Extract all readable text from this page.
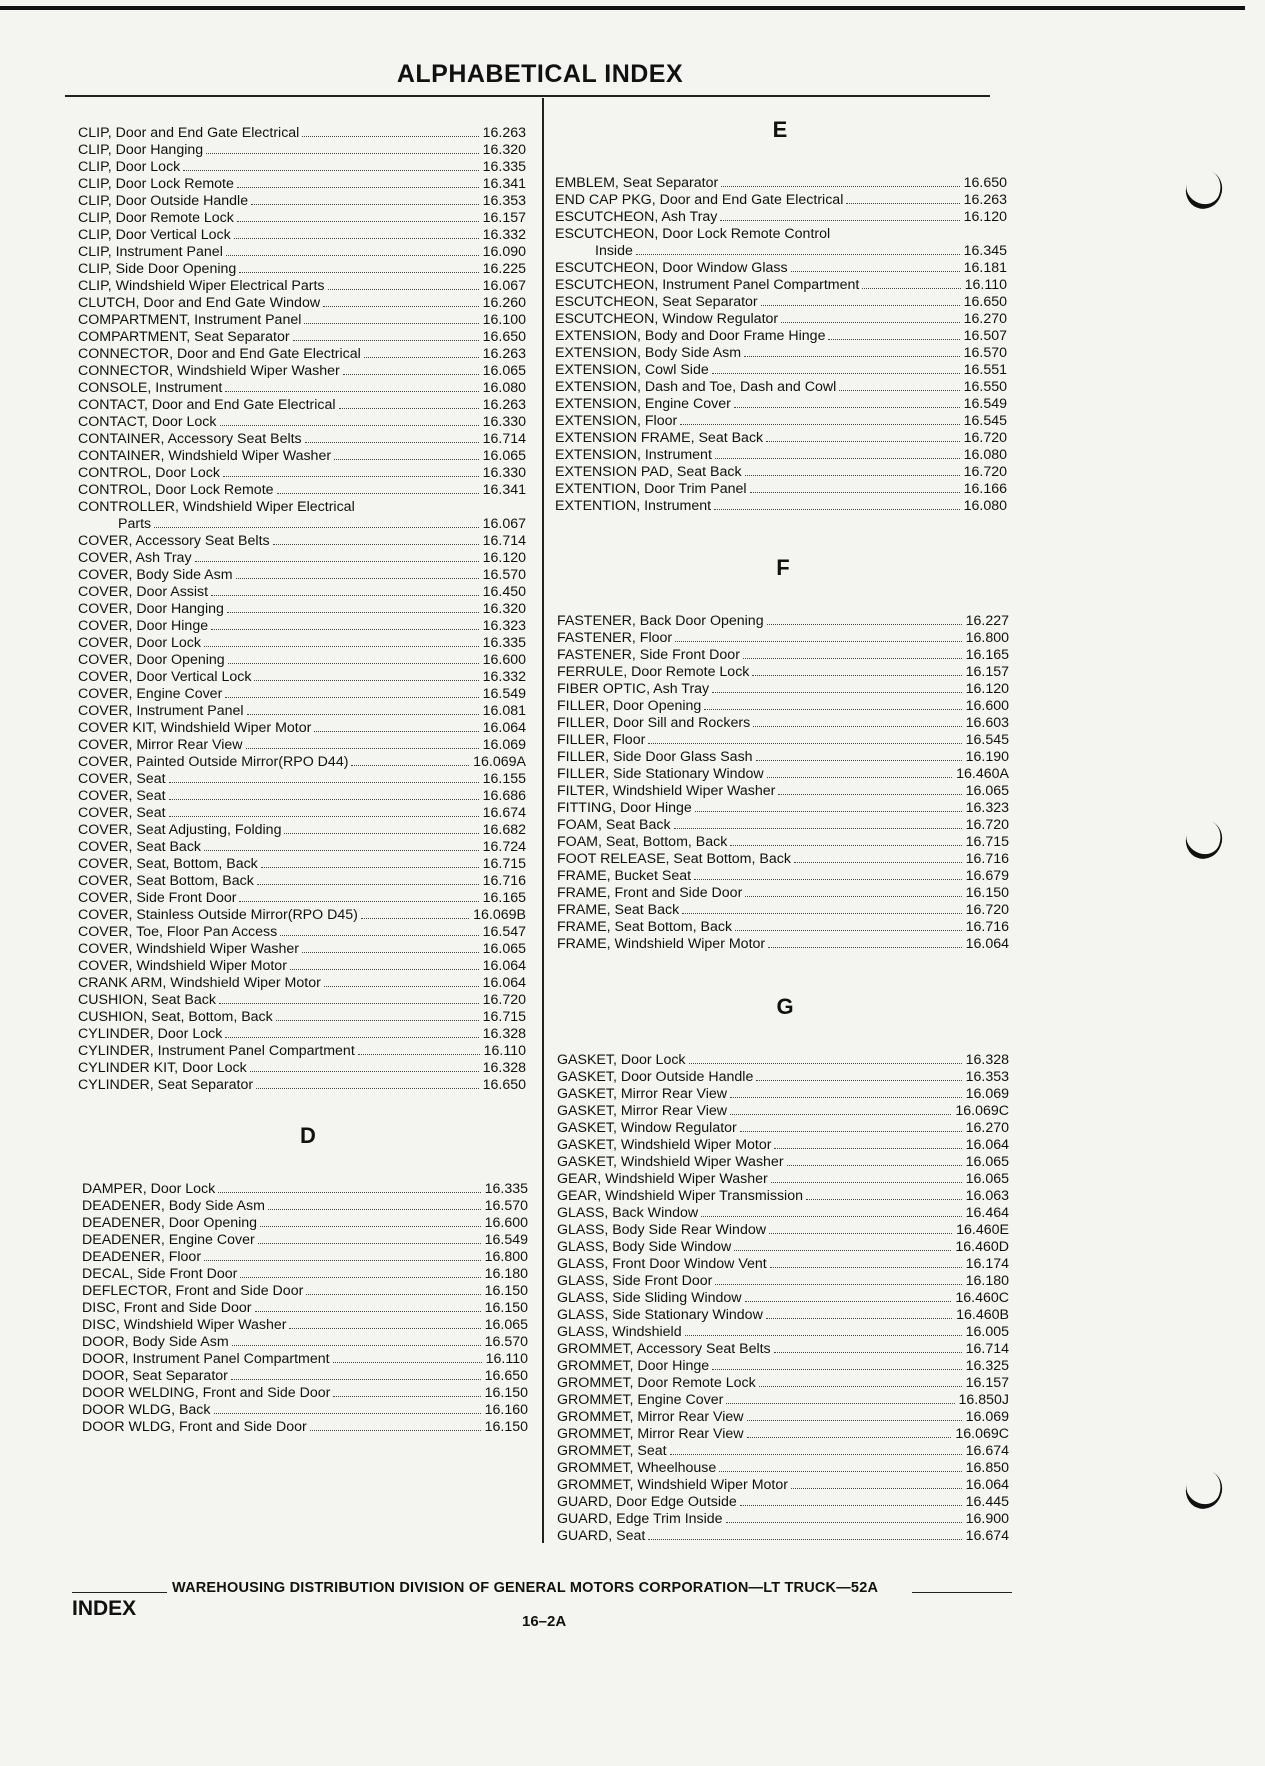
ALPHABETICAL INDEX
CLIP, Door and End Gate Electrical	16.263
CLIP, Door Hanging	16.320
CLIP, Door Lock	16.335
CLIP, Door Lock Remote	16.341
CLIP, Door Outside Handle	16.353
CLIP, Door Remote Lock	16.157
CLIP, Door Vertical Lock	16.332
CLIP, Instrument Panel	16.090
CLIP, Side Door Opening	16.225
CLIP, Windshield Wiper Electrical Parts	16.067
CLUTCH, Door and End Gate Window	16.260
COMPARTMENT, Instrument Panel	16.100
COMPARTMENT, Seat Separator	16.650
CONNECTOR, Door and End Gate Electrical	16.263
CONNECTOR, Windshield Wiper Washer	16.065
CONSOLE, Instrument	16.080
CONTACT, Door and End Gate Electrical	16.263
CONTACT, Door Lock	16.330
CONTAINER, Accessory Seat Belts	16.714
CONTAINER, Windshield Wiper Washer	16.065
CONTROL, Door Lock	16.330
CONTROL, Door Lock Remote	16.341
CONTROLLER, Windshield Wiper Electrical
Parts	16.067
COVER, Accessory Seat Belts	16.714
COVER, Ash Tray	16.120
COVER, Body Side Asm	16.570
COVER, Door Assist	16.450
COVER, Door Hanging	16.320
COVER, Door Hinge	16.323
COVER, Door Lock	16.335
COVER, Door Opening	16.600
COVER, Door Vertical Lock	16.332
COVER, Engine Cover	16.549
COVER, Instrument Panel	16.081
COVER KIT, Windshield Wiper Motor	16.064
COVER, Mirror Rear View	16.069
COVER, Painted Outside Mirror(RPO D44)	16.069A
COVER, Seat	16.155
COVER, Seat	16.686
COVER, Seat	16.674
COVER, Seat Adjusting, Folding	16.682
COVER, Seat Back	16.724
COVER, Seat, Bottom, Back	16.715
COVER, Seat Bottom, Back	16.716
COVER, Side Front Door	16.165
COVER, Stainless Outside Mirror(RPO D45)	16.069B
COVER, Toe, Floor Pan Access	16.547
COVER, Windshield Wiper Washer	16.065
COVER, Windshield Wiper Motor	16.064
CRANK ARM, Windshield Wiper Motor	16.064
CUSHION, Seat Back	16.720
CUSHION, Seat, Bottom, Back	16.715
CYLINDER, Door Lock	16.328
CYLINDER, Instrument Panel Compartment	16.110
CYLINDER KIT, Door Lock	16.328
CYLINDER, Seat Separator	16.650
D
DAMPER, Door Lock	16.335
DEADENER, Body Side Asm	16.570
DEADENER, Door Opening	16.600
DEADENER, Engine Cover	16.549
DEADENER, Floor	16.800
DECAL, Side Front Door	16.180
DEFLECTOR, Front and Side Door	16.150
DISC, Front and Side Door	16.150
DISC, Windshield Wiper Washer	16.065
DOOR, Body Side Asm	16.570
DOOR, Instrument Panel Compartment	16.110
DOOR, Seat Separator	16.650
DOOR WELDING, Front and Side Door	16.150
DOOR WLDG, Back	16.160
DOOR WLDG, Front and Side Door	16.150
E
EMBLEM, Seat Separator	16.650
END CAP PKG, Door and End Gate Electrical	16.263
ESCUTCHEON, Ash Tray	16.120
ESCUTCHEON, Door Lock Remote Control
Inside	16.345
ESCUTCHEON, Door Window Glass	16.181
ESCUTCHEON, Instrument Panel Compartment	16.110
ESCUTCHEON, Seat Separator	16.650
ESCUTCHEON, Window Regulator	16.270
EXTENSION, Body and Door Frame Hinge	16.507
EXTENSION, Body Side Asm	16.570
EXTENSION, Cowl Side	16.551
EXTENSION, Dash and Toe, Dash and Cowl	16.550
EXTENSION, Engine Cover	16.549
EXTENSION, Floor	16.545
EXTENSION FRAME, Seat Back	16.720
EXTENSION, Instrument	16.080
EXTENSION PAD, Seat Back	16.720
EXTENTION, Door Trim Panel	16.166
EXTENTION, Instrument	16.080
F
FASTENER, Back Door Opening	16.227
FASTENER, Floor	16.800
FASTENER, Side Front Door	16.165
FERRULE, Door Remote Lock	16.157
FIBER OPTIC, Ash Tray	16.120
FILLER, Door Opening	16.600
FILLER, Door Sill and Rockers	16.603
FILLER, Floor	16.545
FILLER, Side Door Glass Sash	16.190
FILLER, Side Stationary Window	16.460A
FILTER, Windshield Wiper Washer	16.065
FITTING, Door Hinge	16.323
FOAM, Seat Back	16.720
FOAM, Seat, Bottom, Back	16.715
FOOT RELEASE, Seat Bottom, Back	16.716
FRAME, Bucket Seat	16.679
FRAME, Front and Side Door	16.150
FRAME, Seat Back	16.720
FRAME, Seat Bottom, Back	16.716
FRAME, Windshield Wiper Motor	16.064
G
GASKET, Door Lock	16.328
GASKET, Door Outside Handle	16.353
GASKET, Mirror Rear View	16.069
GASKET, Mirror Rear View	16.069C
GASKET, Window Regulator	16.270
GASKET, Windshield Wiper Motor	16.064
GASKET, Windshield Wiper Washer	16.065
GEAR, Windshield Wiper Washer	16.065
GEAR, Windshield Wiper Transmission	16.063
GLASS, Back Window	16.464
GLASS, Body Side Rear Window	16.460E
GLASS, Body Side Window	16.460D
GLASS, Front Door Window Vent	16.174
GLASS, Side Front Door	16.180
GLASS, Side Sliding Window	16.460C
GLASS, Side Stationary Window	16.460B
GLASS, Windshield	16.005
GROMMET, Accessory Seat Belts	16.714
GROMMET, Door Hinge	16.325
GROMMET, Door Remote Lock	16.157
GROMMET, Engine Cover	16.850J
GROMMET, Mirror Rear View	16.069
GROMMET, Mirror Rear View	16.069C
GROMMET, Seat	16.674
GROMMET, Wheelhouse	16.850
GROMMET, Windshield Wiper Motor	16.064
GUARD, Door Edge Outside	16.445
GUARD, Edge Trim Inside	16.900
GUARD, Seat	16.674
WAREHOUSING DISTRIBUTION DIVISION OF GENERAL MOTORS CORPORATION—LT TRUCK—52A
INDEX
16–2A
